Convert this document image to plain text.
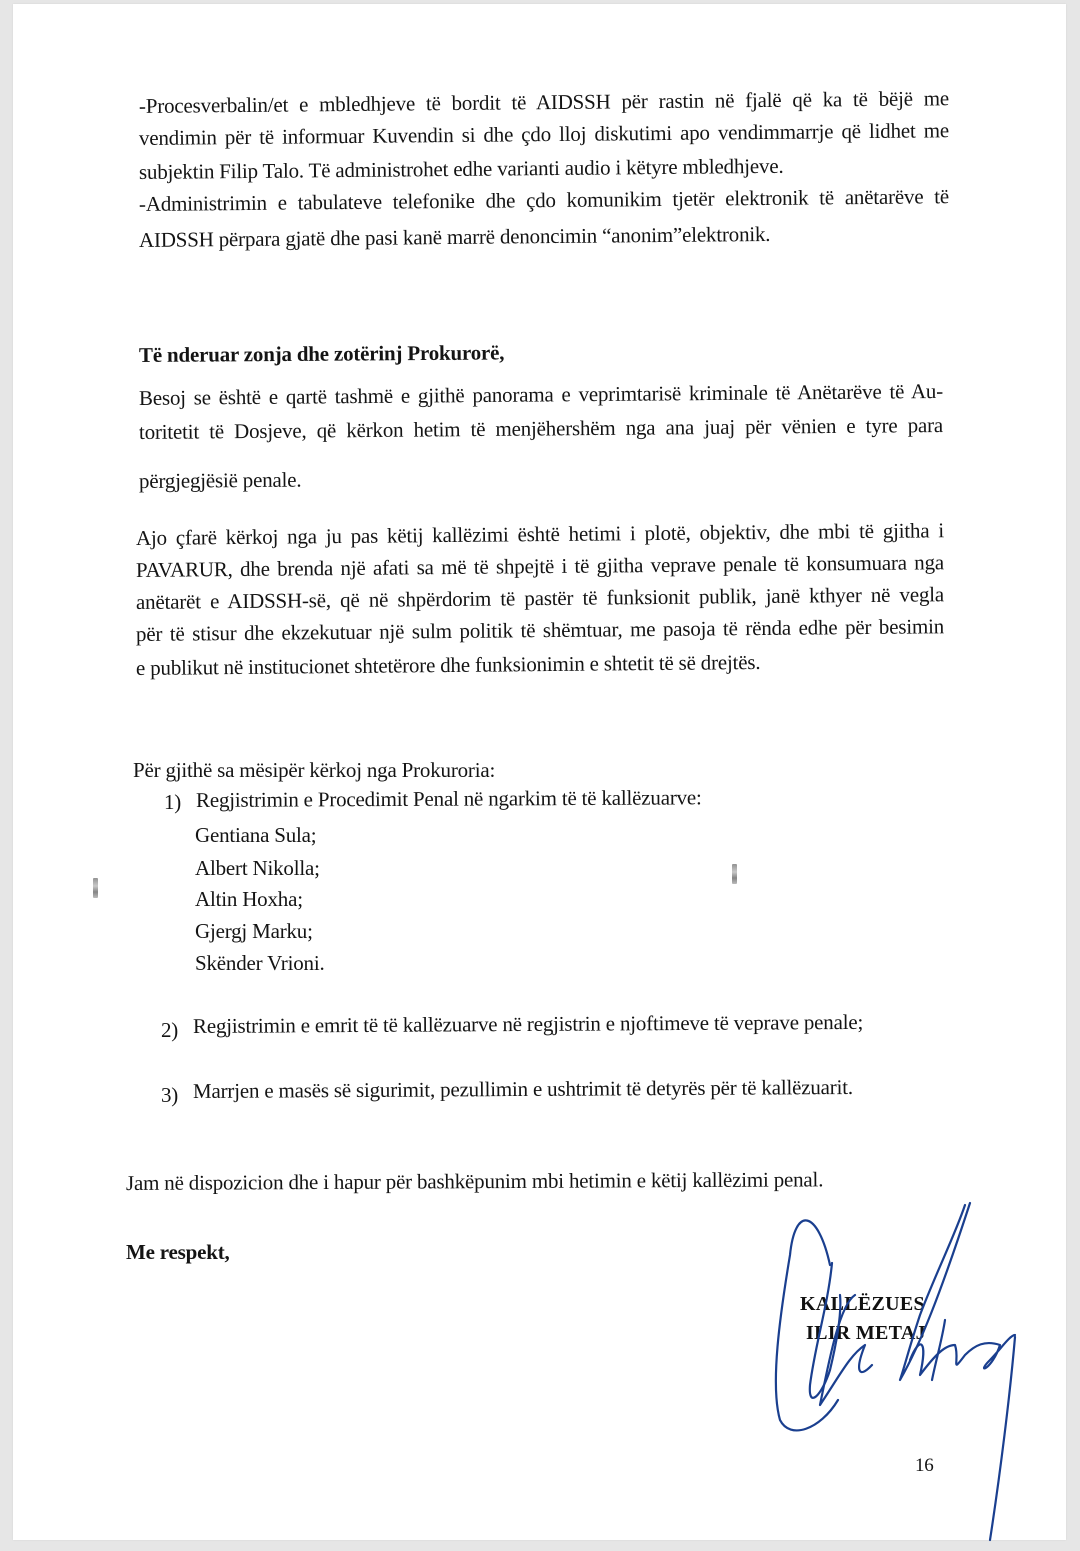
-Procesverbalin/et e mbledhjeve të bordit të AIDSSH për rastin në fjalë që ka të bëjë me
vendimin për të informuar Kuvendin si dhe çdo lloj diskutimi apo vendimmarrje që lidhet me
subjektin Filip Talo. Të administrohet edhe varianti audio i këtyre mbledhjeve.
-Administrimin e tabulateve telefonike dhe çdo komunikim tjetër elektronik të anëtarëve të
AIDSSH përpara gjatë dhe pasi kanë marrë denoncimin “anonim”elektronik.
Të nderuar zonja dhe zotërinj Prokurorë,
Besoj se është e qartë tashmë e gjithë panorama e veprimtarisë kriminale të Anëtarëve të Au-
toritetit të Dosjeve, që kërkon hetim të menjëhershëm nga ana juaj për vënien e tyre para
përgjegjësië penale.
Ajo çfarë kërkoj nga ju pas këtij kallëzimi është hetimi i plotë, objektiv, dhe mbi të gjitha i
PAVARUR, dhe brenda një afati sa më të shpejtë i të gjitha veprave penale të konsumuara nga
anëtarët e AIDSSH-së, që në shpërdorim të pastër të funksionit publik, janë kthyer në vegla
për të stisur dhe ekzekutuar një sulm politik të shëmtuar, me pasoja të rënda edhe për besimin
e publikut në institucionet shtetërore dhe funksionimin e shtetit të së drejtës.
Për gjithë sa mësipër kërkoj nga Prokuroria:
1) Regjistrimin e Procedimit Penal në ngarkim të të kallëzuarve:
Gentiana Sula;
Albert Nikolla;
Altin Hoxha;
Gjergj Marku;
Skënder Vrioni.
2) Regjistrimin e emrit të të kallëzuarve në regjistrin e njoftimeve të veprave penale;
3) Marrjen e masës së sigurimit, pezullimin e ushtrimit të detyrës për të kallëzuarit.
Jam në dispozicion dhe i hapur për bashkëpunim mbi hetimin e këtij kallëzimi penal.
Me respekt,
KALLËZUES
ILIR METAJ
16
